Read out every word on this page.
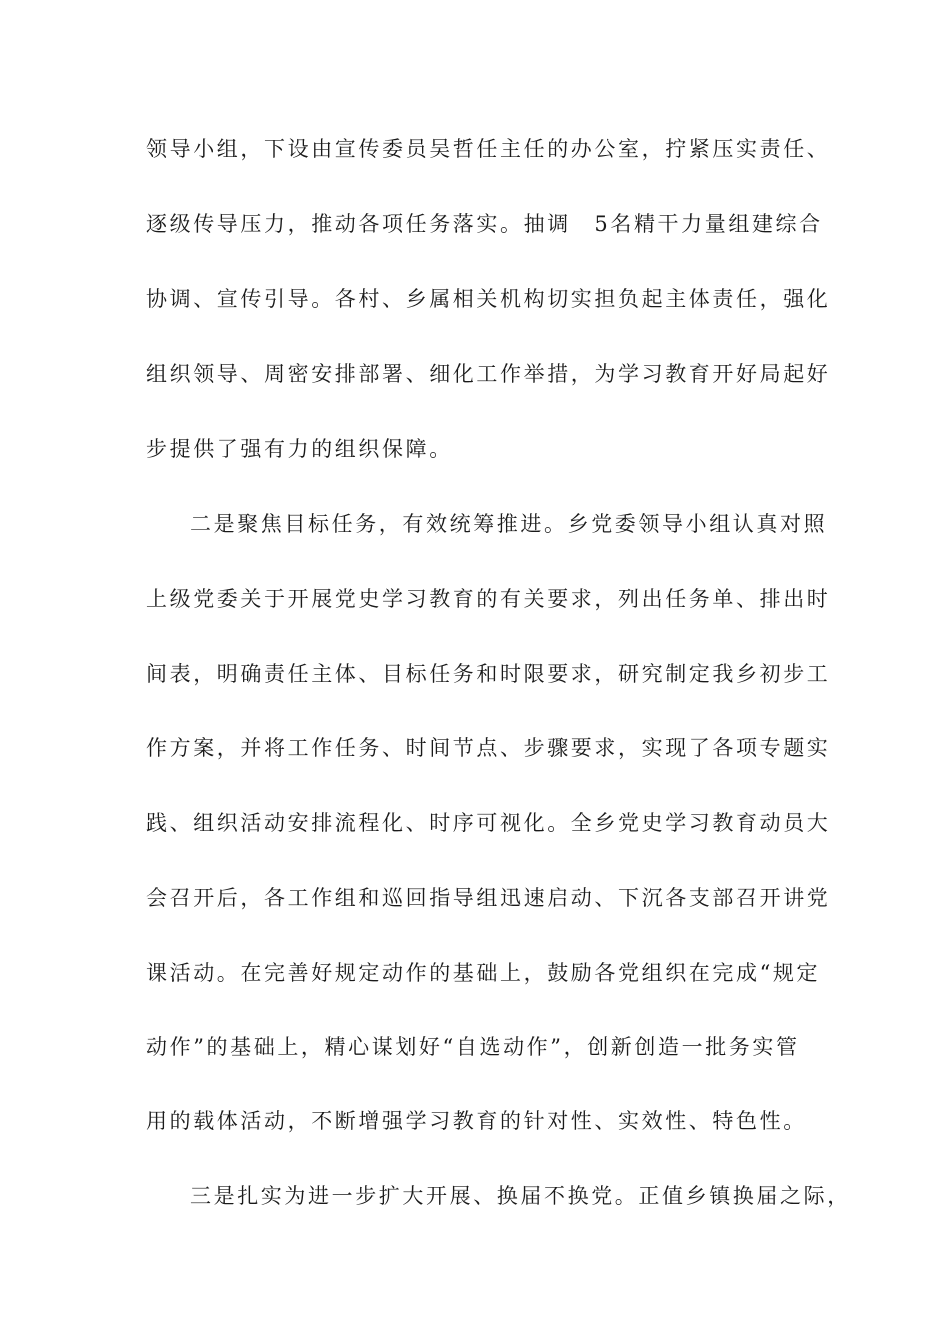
领导小组，下设由宣传委员吴哲任主任的办公室，拧紧压实责任、
逐级传导压力，推动各项任务落实。抽调　5名精干力量组建综合
协调、宣传引导。各村、乡属相关机构切实担负起主体责任，强化
组织领导、周密安排部署、细化工作举措，为学习教育开好局起好
步提供了强有力的组织保障。
二是聚焦目标任务，有效统筹推进。乡党委领导小组认真对照
上级党委关于开展党史学习教育的有关要求，列出任务单、排出时
间表，明确责任主体、目标任务和时限要求，研究制定我乡初步工
作方案，并将工作任务、时间节点、步骤要求，实现了各项专题实
践、组织活动安排流程化、时序可视化。全乡党史学习教育动员大
会召开后，各工作组和巡回指导组迅速启动、下沉各支部召开讲党
课活动。在完善好规定动作的基础上，鼓励各党组织在完成“规定
动作”的基础上，精心谋划好“自选动作”，创新创造一批务实管
用的载体活动，不断增强学习教育的针对性、实效性、特色性。
三是扎实为进一步扩大开展、换届不换党。正值乡镇换届之际，
